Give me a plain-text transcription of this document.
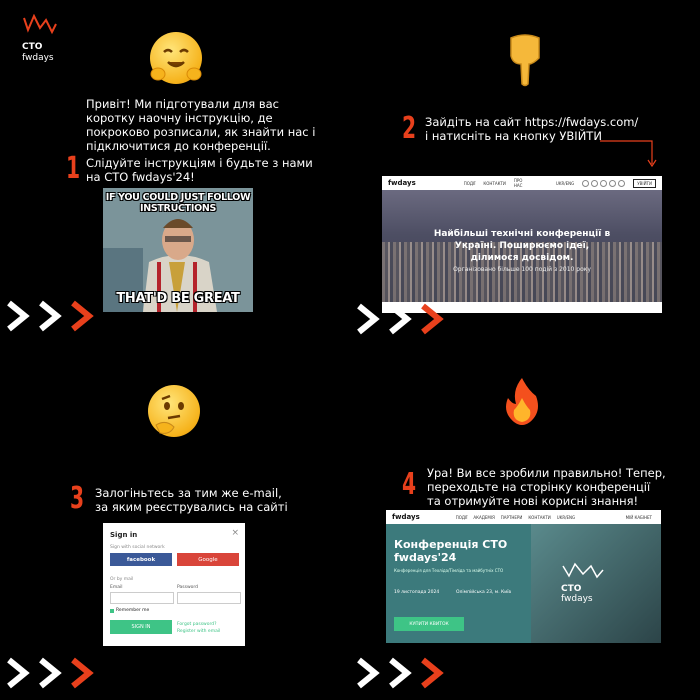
CTO
fwdays
Привіт! Ми підготували для вас коротку наочну інструкцію, де покроково розписали, як знайти нас і підключитися до конференції.
1 Слідуйте інструкціям і будьте з нами на CTO fwdays'24!
IF YOU COULD JUST FOLLOW INSTRUCTIONS
THAT'D BE GREAT
2 Зайдіть на сайт https://fwdays.com/
і натисніть на кнопку УВІЙТИ
fwdays	ПОДІЇ КОНТАКТИ ПРО НАС	UKR/ENG	УВІЙТИ
Найбільші технічні конференції в Україні. Поширюємо ідеї, ділимося досвідом.
Організовано більше 100 подій з 2010 року
3 Залогіньтесь за тим же e-mail,
за яким реєструвались на сайті
Sign in	×
Sign with social network
facebook	Google
Or by mail
Email	Password
Remember me
SIGN IN	Forgot password?
Register with email
4 Ура! Ви все зробили правильно! Тепер, переходьте на сторінку конференції та отримуйте нові корисні знання!
fwdays	ПОДІЇ АКАДЕМІЯ ПАРТНЕРИ КОНТАКТИ UKR/ENG	МІЙ КАБІНЕТ
Конференція CTO
fwdays'24
Конференція для Техліда/Тімліда та майбутніх CTO
19 листопада 2024	Олімпійська 23, м. Київ
КУПИТИ КВИТОК
CTO
fwdays
